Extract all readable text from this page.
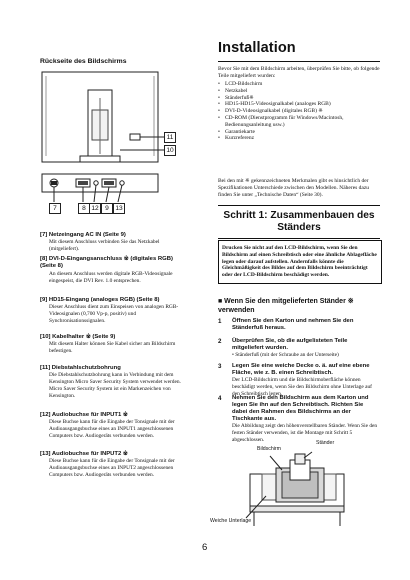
Rückseite des Bildschirms
11
10
7	8 12 9 13
[7] Netzeingang AC IN (Seite 9)
Mit diesem Anschluss verbinden Sie das Netzkabel (mitgeliefert).
[8] DVI-D-Eingangsanschluss ※ (digitales RGB) (Seite 8)
An diesem Anschluss werden digitale RGB-Videosignale eingespeist, die DVI Rev. 1.0 entsprechen.
[9] HD15-Eingang (analoges RGB) (Seite 8)
Dieser Anschluss dient zum Einspeisen von analogen RGB-Videosignalen (0,700 Vp-p, positiv) und Synchronisationssignalen.
[10] Kabelhalter ※ (Seite 9)
Mit diesem Halter können Sie Kabel sicher am Bildschirm befestigen.
[11] Diebstahlschutzbohrung
Die Diebstahlschutzbohrung kann in Verbindung mit dem Kensington Micro Saver Security System verwendet werden. Micro Saver Security System ist ein Markenzeichen von Kensington.
[12] Audiobuchse für INPUT1 ※
Diese Buchse kann für die Eingabe der Tonsignale mit der Audioausgangsbuchse eines an INPUT1 angeschlossenen Computers bzw. Audiogeräts verbunden werden.
[13] Audiobuchse für INPUT2 ※
Diese Buchse kann für die Eingabe der Tonsignale mit der Audioausgangsbuchse eines an INPUT2 angeschlossenen Computers bzw. Audiogeräts verbunden werden.
Installation
Bevor Sie mit dem Bildschirm arbeiten, überprüfen Sie bitte, ob folgende Teile mitgeliefert wurden:
• LCD-Bildschirm
• Netzkabel
• Ständerfuß※
• HD15-HD15-Videosignalkabel (analoges RGB)
• DVI-D-Videosignalkabel (digitales RGB) ※
• CD-ROM (Dienstprogramm für Windows/Macintosh, Bedienungsanleitung usw.)
• Garantiekarte
• Kurzreferenz
Bei den mit ※ gekennzeichneten Merkmalen gibt es hinsichtlich der Spezifikationen Unterschiede zwischen den Modellen. Näheres dazu finden Sie unter „Technische Daten“ (Seite 30).
Schritt 1: Zusammenbauen des Ständers
Drucken Sie nicht auf den LCD-Bildschirm, wenn Sie den Bildschirm auf einen Schreibtisch oder eine ähnliche Ablagefläche legen oder darauf aufstellen. Andernfalls könnte die Gleichmäßigkeit des Bildes auf dem Bildschirm beeinträchtigt oder der LCD-Bildschirm beschädigt werden.
■ Wenn Sie den mitgelieferten Ständer ※ verwenden
1	Öffnen Sie den Karton und nehmen Sie den Ständerfuß heraus.
2	Überprüfen Sie, ob die aufgelisteten Teile mitgeliefert wurden.
• Ständerfuß (mit der Schraube an der Unterseite)
3	Legen Sie eine weiche Decke o. ä. auf eine ebene Fläche, wie z. B. einen Schreibtisch.
Der LCD-Bildschirm und die Bildschirmoberfläche können beschädigt werden, wenn Sie den Bildschirm ohne Unterlage auf den Schreibtisch legen.
4	Nehmen Sie den Bildschirm aus dem Karton und legen Sie ihn auf den Schreibtisch. Richten Sie dabei den Rahmen des Bildschirms an der Tischkante aus.
Die Abbildung zeigt den höhenverstellbaren Ständer. Wenn Sie den festen Ständer verwenden, ist die Montage mit Schritt 5 abgeschlossen.
Bildschirm
Ständer
Weiche Unterlage
6
